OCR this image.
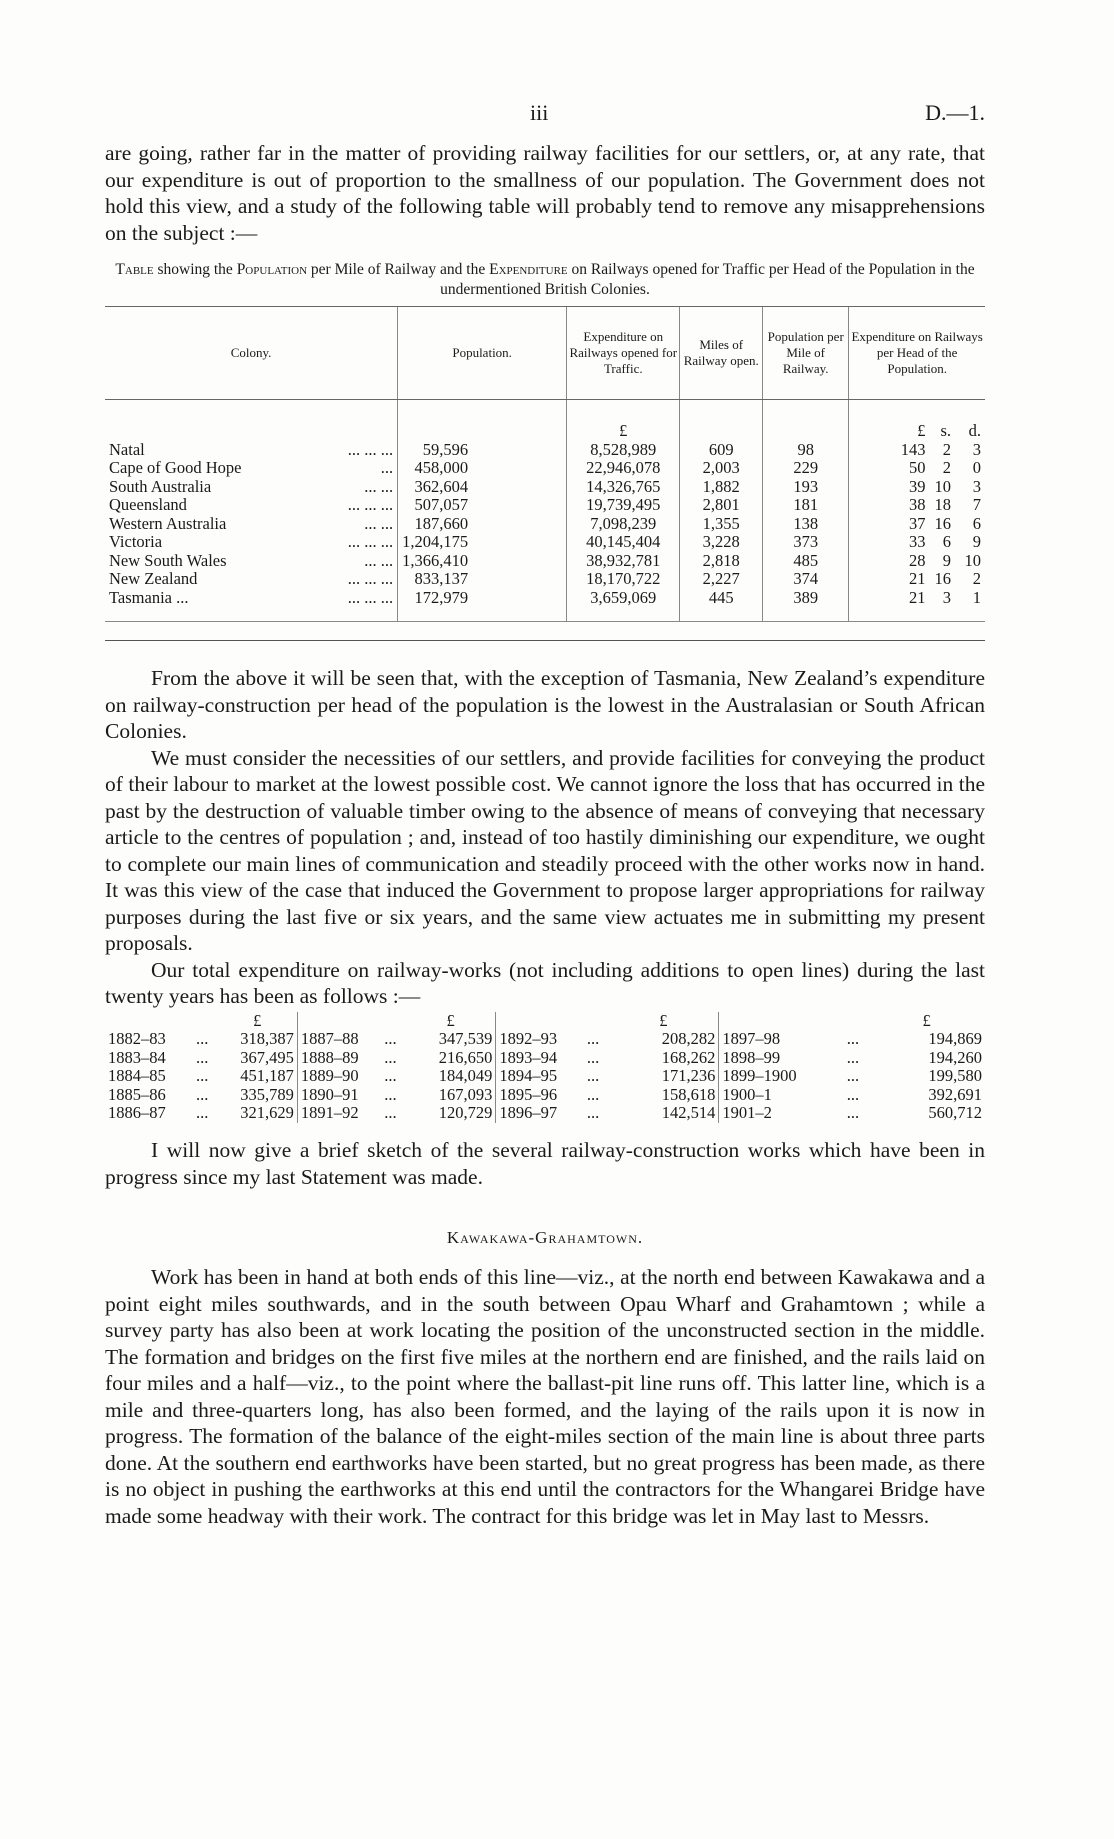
iii	D.—1.

are going, rather far in the matter of providing railway facilities for our settlers, or, at any rate, that our expenditure is out of proportion to the smallness of our population. The Government does not hold this view, and a study of the following table will probably tend to remove any misapprehensions on the subject :—

Table showing the Population per Mile of Railway and the Expenditure on Railways opened for Traffic per Head of the Population in the undermentioned British Colonies.
Colony.		Population.		Expenditure on Railways opened for Traffic.	Miles of Railway open.	Population per Mile of Railway.	Expenditure on Railways per Head of the Population.			

				£				£	s.	d.
Natal	... ... ...	59,596		8,528,989	609	98		143	2	3
Cape of Good Hope	...	458,000		22,946,078	2,003	229		50	2	0
South Australia	... ...	362,604		14,326,765	1,882	193		39	10	3
Queensland	... ... ...	507,057		19,739,495	2,801	181		38	18	7
Western Australia	... ...	187,660		7,098,239	1,355	138		37	16	6
Victoria	... ... ...	1,204,175		40,145,404	3,228	373		33	6	9
New South Wales	... ...	1,366,410		38,932,781	2,818	485		28	9	10
New Zealand	... ... ...	833,137		18,170,722	2,227	374		21	16	2
Tasmania ...	... ... ...	172,979		3,659,069	445	389		21	3	1

From the above it will be seen that, with the exception of Tasmania, New Zealand’s expenditure on railway-construction per head of the population is the lowest in the Australasian or South African Colonies.

We must consider the necessities of our settlers, and provide facilities for conveying the product of their labour to market at the lowest possible cost. We cannot ignore the loss that has occurred in the past by the destruction of valuable timber owing to the absence of means of conveying that necessary article to the centres of population ; and, instead of too hastily diminishing our expenditure, we ought to complete our main lines of communication and steadily proceed with the other works now in hand. It was this view of the case that induced the Government to propose larger appropriations for railway purposes during the last five or six years, and the same view actuates me in submitting my present proposals.

Our total expenditure on railway-works (not including additions to open lines) during the last twenty years has been as follows :—

		£			£			£			£
1882–83	...	318,387	1887–88	...	347,539	1892–93	...	208,282	1897–98	...	194,869
1883–84	...	367,495	1888–89	...	216,650	1893–94	...	168,262	1898–99	...	194,260
1884–85	...	451,187	1889–90	...	184,049	1894–95	...	171,236	1899–1900	...	199,580
1885–86	...	335,789	1890–91	...	167,093	1895–96	...	158,618	1900–1	...	392,691
1886–87	...	321,629	1891–92	...	120,729	1896–97	...	142,514	1901–2	...	560,712

I will now give a brief sketch of the several railway-construction works which have been in progress since my last Statement was made.

Kawakawa-Grahamtown.

Work has been in hand at both ends of this line—viz., at the north end between Kawakawa and a point eight miles southwards, and in the south between Opau Wharf and Grahamtown ; while a survey party has also been at work locating the position of the unconstructed section in the middle. The formation and bridges on the first five miles at the northern end are finished, and the rails laid on four miles and a half—viz., to the point where the ballast-pit line runs off. This latter line, which is a mile and three-quarters long, has also been formed, and the laying of the rails upon it is now in progress. The formation of the balance of the eight-miles section of the main line is about three parts done. At the southern end earthworks have been started, but no great progress has been made, as there is no object in pushing the earthworks at this end until the contractors for the Whangarei Bridge have made some headway with their work. The contract for this bridge was let in May last to Messrs.
